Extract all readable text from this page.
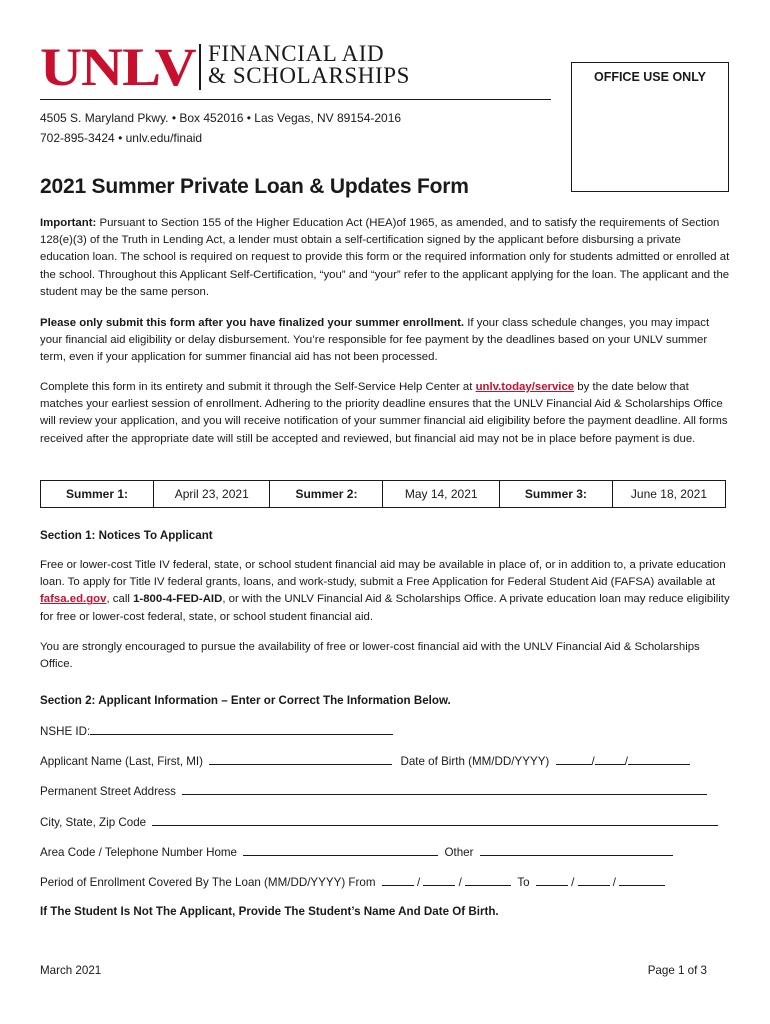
UNLV FINANCIAL AID
& SCHOLARSHIPS	OFFICE USE ONLY
4505 S. Maryland Pkwy. • Box 452016 • Las Vegas, NV 89154-2016
702-895-3424 • unlv.edu/finaid
2021 Summer Private Loan & Updates Form
Important: Pursuant to Section 155 of the Higher Education Act (HEA)of 1965, as amended, and to satisfy the requirements of Section 128(e)(3) of the Truth in Lending Act, a lender must obtain a self-certification signed by the applicant before disbursing a private education loan. The school is required on request to provide this form or the required information only for students admitted or enrolled at the school. Throughout this Applicant Self-Certification, “you” and “your” refer to the applicant applying for the loan. The applicant and the student may be the same person.
Please only submit this form after you have finalized your summer enrollment. If your class schedule changes, you may impact your financial aid eligibility or delay disbursement. You’re responsible for fee payment by the deadlines based on your UNLV summer term, even if your application for summer financial aid has not been processed.
Complete this form in its entirety and submit it through the Self-Service Help Center at unlv.today/service by the date below that matches your earliest session of enrollment. Adhering to the priority deadline ensures that the UNLV Financial Aid & Scholarships Office will review your application, and you will receive notification of your summer financial aid eligibility before the payment deadline. All forms received after the appropriate date will still be accepted and reviewed, but financial aid may not be in place before payment is due.
Summer 1:	April 23, 2021	Summer 2:	May 14, 2021	Summer 3:	June 18, 2021
Section 1: Notices To Applicant
Free or lower-cost Title IV federal, state, or school student financial aid may be available in place of, or in addition to, a private education loan. To apply for Title IV federal grants, loans, and work-study, submit a Free Application for Federal Student Aid (FAFSA) available at fafsa.ed.gov, call 1-800-4-FED-AID, or with the UNLV Financial Aid & Scholarships Office. A private education loan may reduce eligibility for free or lower-cost federal, state, or school student financial aid.
You are strongly encouraged to pursue the availability of free or lower-cost financial aid with the UNLV Financial Aid & Scholarships Office.
Section 2: Applicant Information – Enter or Correct The Information Below.
NSHE ID:
Applicant Name (Last, First, MI)	Date of Birth (MM/DD/YYYY)	/	/
Permanent Street Address
City, State, Zip Code
Area Code / Telephone Number Home	Other
Period of Enrollment Covered By The Loan (MM/DD/YYYY) From	/	/	To	/	/
If The Student Is Not The Applicant, Provide The Student’s Name And Date Of Birth.
March 2021	Page 1 of 3
